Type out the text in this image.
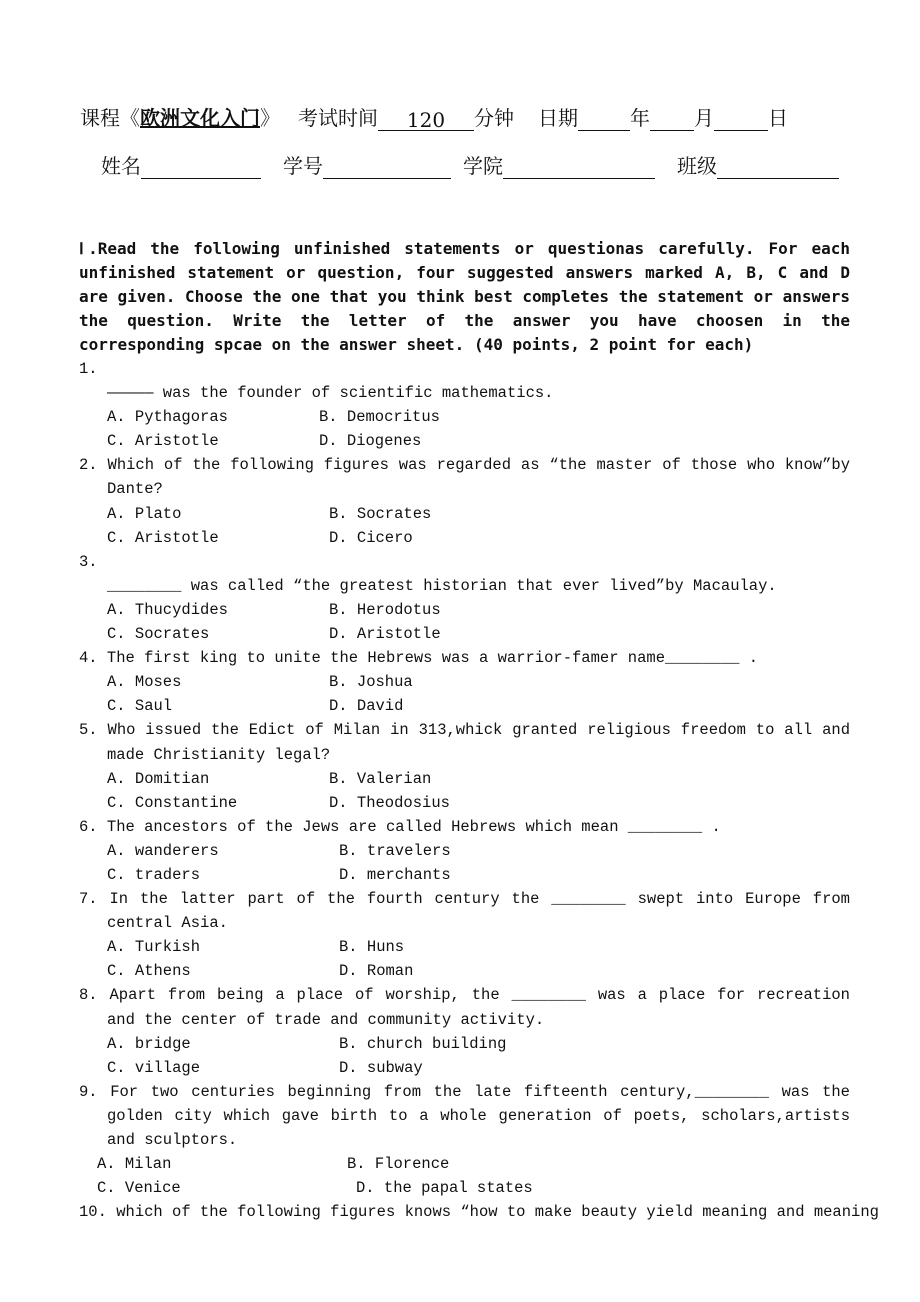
课程《欧洲文化入门》 考试时间 120 分钟 日期	年 月	日
姓名	学号	学院	班级

Ⅰ.Read the following unfinished statements or questionas carefully. For each unfinished statement or question, four suggested answers marked A, B, C and D are given. Choose the one that you think best completes the statement or answers the question. Write the letter of the answer you have choosen in the corresponding spcae on the answer sheet. (40 points, 2 point for each)

1.
————— was the founder of scientific mathematics.
A. Pythagoras	B. Democritus
C. Aristotle	D. Diogenes
2. Which of the following figures was regarded as “the master of those who know”by Dante?
A. Plato	B. Socrates
C. Aristotle	D. Cicero
3.
________ was called “the greatest historian that ever lived”by Macaulay.
A. Thucydides	B. Herodotus
C. Socrates	D. Aristotle
4. The first king to unite the Hebrews was a warrior-famer name________ .
A. Moses	B. Joshua
C. Saul	D. David
5. Who issued the Edict of Milan in 313,whick granted religious freedom to all and made Christianity legal?
A. Domitian	B. Valerian
C. Constantine	D. Theodosius
6. The ancestors of the Jews are called Hebrews which mean ________ .
A. wanderers	B. travelers
C. traders	D. merchants
7. In the latter part of the fourth century the ________ swept into Europe from central Asia.
A. Turkish	B. Huns
C. Athens	D. Roman
8. Apart from being a place of worship, the ________ was a place for recreation and the center of trade and community activity.
A. bridge	B. church building
C. village	D. subway
9. For two centuries beginning from the late fifteenth century,________ was the golden city which gave birth to a whole generation of poets, scholars,artists and sculptors.
A. Milan	B. Florence
C. Venice	D. the papal states
10. which of the following figures knows “how to make beauty yield meaning and meaning
